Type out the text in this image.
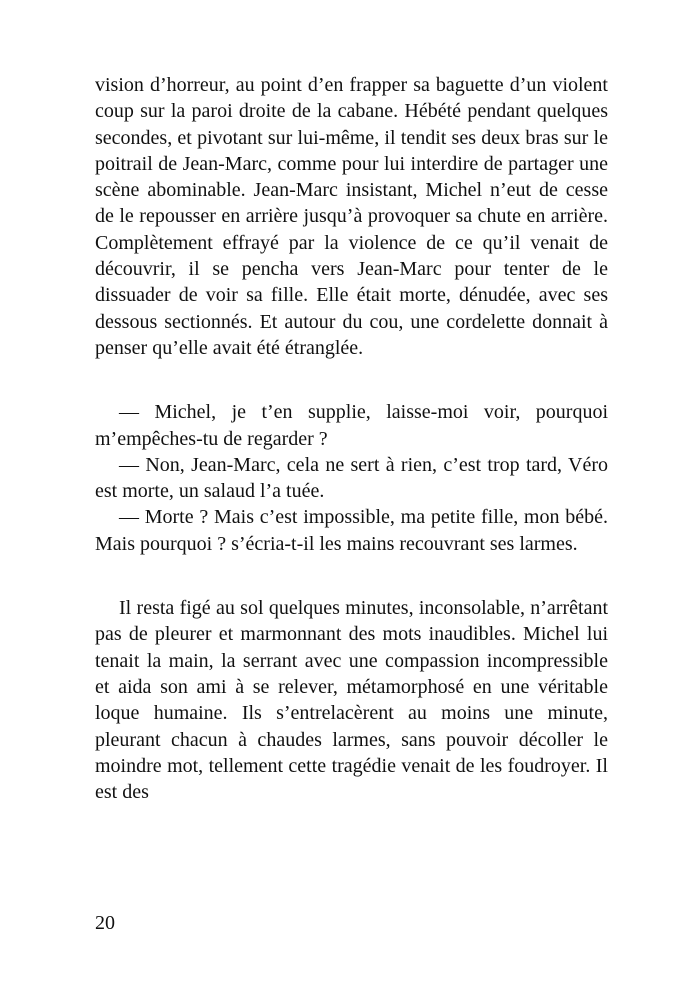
vision d’horreur, au point d’en frapper sa baguette d’un violent coup sur la paroi droite de la cabane. Hébété pendant quelques secondes, et pivotant sur lui-même, il tendit ses deux bras sur le poitrail de Jean-Marc, comme pour lui interdire de partager une scène abominable. Jean-Marc insistant, Michel n’eut de cesse de le repousser en arrière jusqu’à provoquer sa chute en arrière. Complètement effrayé par la violence de ce qu’il venait de découvrir, il se pencha vers Jean-Marc pour tenter de le dissuader de voir sa fille. Elle était morte, dénudée, avec ses dessous sectionnés. Et autour du cou, une cordelette donnait à penser qu’elle avait été étranglée.

— Michel, je t’en supplie, laisse-moi voir, pourquoi m’empêches-tu de regarder ?

— Non, Jean-Marc, cela ne sert à rien, c’est trop tard, Véro est morte, un salaud l’a tuée.

— Morte ? Mais c’est impossible, ma petite fille, mon bébé. Mais pourquoi ? s’écria-t-il les mains recouvrant ses larmes.

Il resta figé au sol quelques minutes, inconsolable, n’arrêtant pas de pleurer et marmonnant des mots inaudibles. Michel lui tenait la main, la serrant avec une compassion incompressible et aida son ami à se relever, métamorphosé en une véritable loque humaine. Ils s’entrelacèrent au moins une minute, pleurant chacun à chaudes larmes, sans pouvoir décoller le moindre mot, tellement cette tragédie venait de les foudroyer. Il est des

20
